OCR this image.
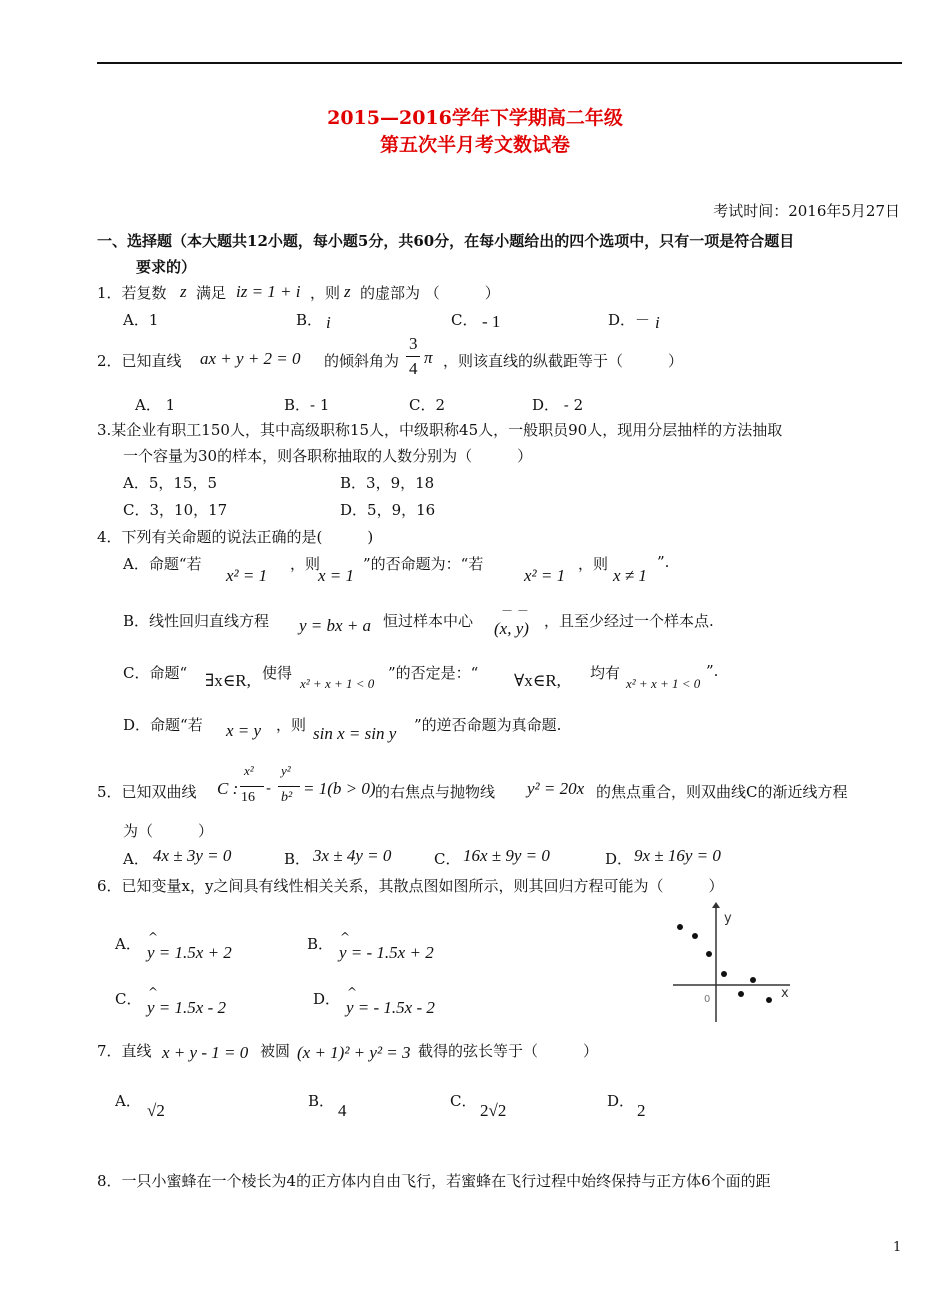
2015—2016学年下学期高二年级
第五次半月考文数试卷
考试时间：2016年5月27日
一、选择题（本大题共12小题，每小题5分，共60分，在每小题给出的四个选项中，只有一项是符合题目
要求的）
1．若复数 z 满足 iz = 1 + i ，则 z 的虚部为 （　　　）
A．1	B． i	C． - 1	D．－ i
2．已知直线 ax + y + 2 = 0 的倾斜角为
3
4
π ，则该直线的纵截距等于（　　　）
A． 1	B．- 1	C．2	D． - 2
3.某企业有职工150人，其中高级职称15人，中级职称45人，一般职员90人，现用分层抽样的方法抽取
一个容量为30的样本，则各职称抽取的人数分别为（　　　）
A．5，15，5	B．3，9，18
C．3，10，17	D．5，9，16
4．下列有关命题的说法正确的是(　　　)
A．命题“若
x² = 1
，则
x = 1
”的否命题为：“若
x² = 1
，则
x ≠ 1
”.
B．线性回归直线方程 y = bx + a 恒过样本中心
－ －
(x, y) ，且至少经过一个样本点.
C．命题“ ∃x∈R, 使得
x² + x + 1 < 0
”的否定是：“ ∀x∈R, 均有
x² + x + 1 < 0
”.
D．命题“若 x = y ，则 sin x = sin y ”的逆否命题为真命题.
5．已知双曲线 C :
x²
16
-
y²
b² = 1(b > 0) 的右焦点与抛物线 y² = 20x 的焦点重合，则双曲线C的渐近线方程
为（　　　）
A． 4x ± 3y = 0	B． 3x ± 4y = 0	C． 16x ± 9y = 0	D． 9x ± 16y = 0
6．已知变量x，y之间具有线性相关关系，其散点图如图所示，则其回归方程可能为（　　　）
A． ^
y = 1.5x + 2	B． ^
y = - 1.5x + 2
C． ^
y = 1.5x - 2	D． ^
y = - 1.5x - 2
y
x
0
7．直线 x + y - 1 = 0 被圆 (x + 1)² + y² = 3 截得的弦长等于（　　　）
A． √2	B． 4	C． 2√2	D． 2
8．一只小蜜蜂在一个棱长为4的正方体内自由飞行，若蜜蜂在飞行过程中始终保持与正方体6个面的距
1
